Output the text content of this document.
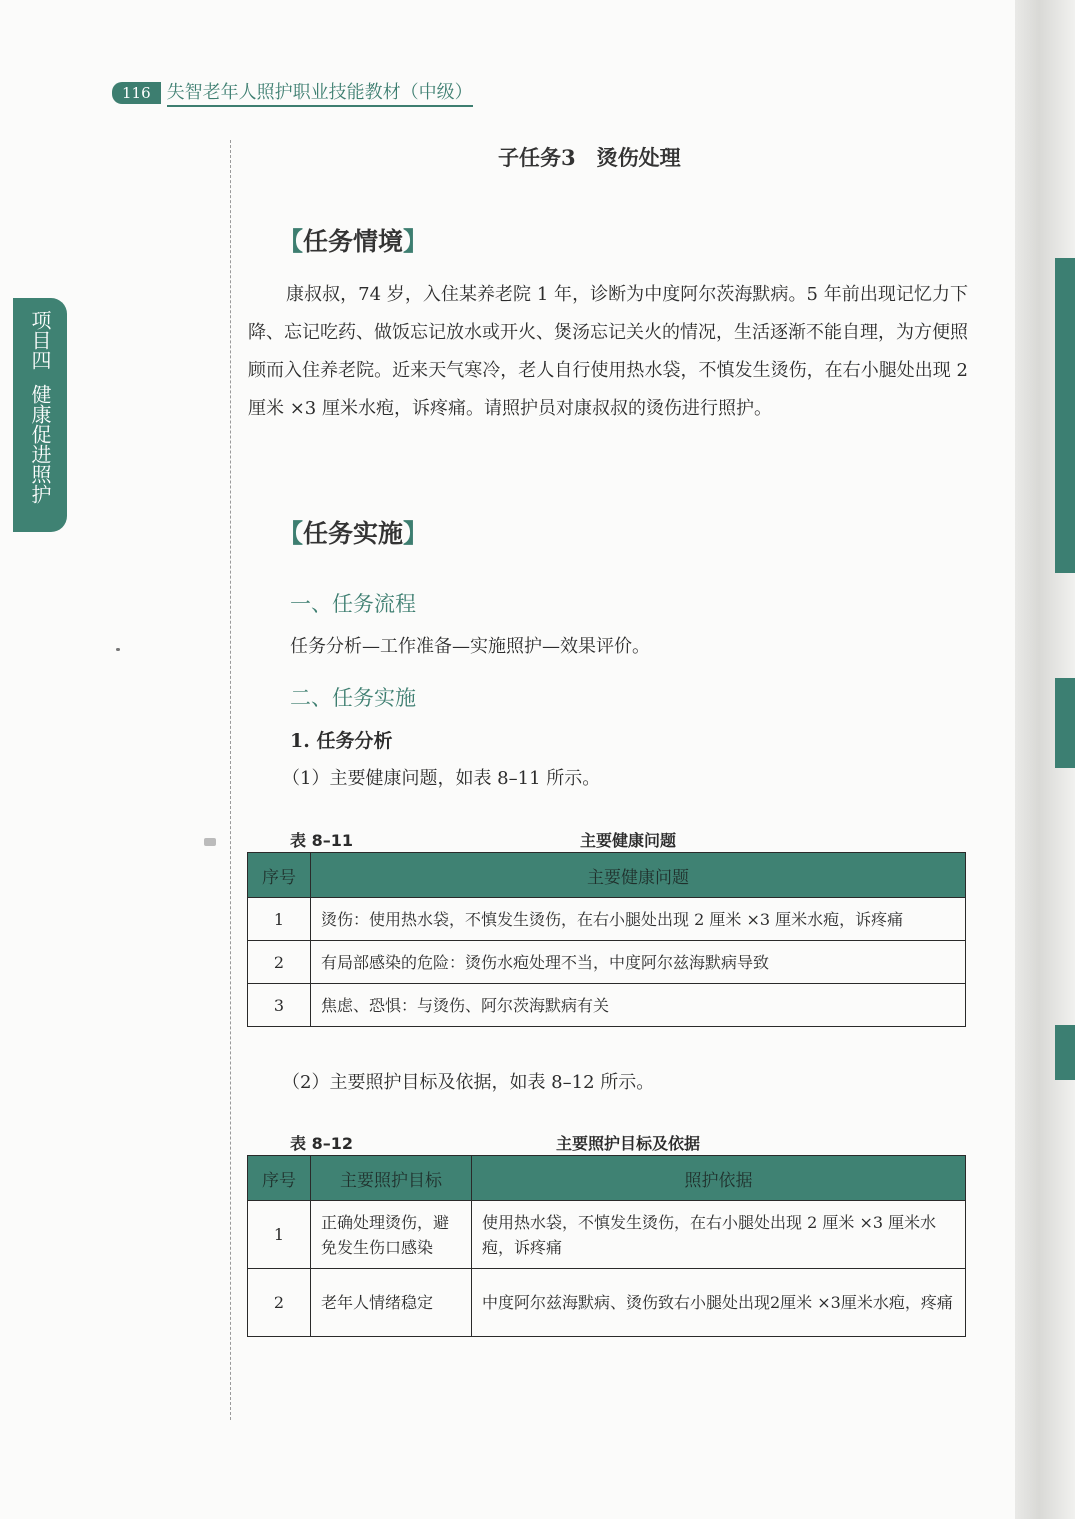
116 失智老年人照护职业技能教材（中级）
项目四
健康促进照护
子任务3　烫伤处理
【任务情境】

康叔叔，74 岁，入住某养老院 1 年，诊断为中度阿尔茨海默病。5 年前出现记忆力下降、忘记吃药、做饭忘记放水或开火、煲汤忘记关火的情况，生活逐渐不能自理，为方便照顾而入住养老院。近来天气寒冷，老人自行使用热水袋，不慎发生烫伤，在右小腿处出现 2 厘米 ×3 厘米水疱，诉疼痛。请照护员对康叔叔的烫伤进行照护。

【任务实施】
一、任务流程
任务分析—工作准备—实施照护—效果评价。
二、任务实施
1. 任务分析
（1）主要健康问题，如表 8–11 所示。
表 8–11	主要健康问题
序号	主要健康问题
1	烫伤：使用热水袋，不慎发生烫伤，在右小腿处出现 2 厘米 ×3 厘米水疱，诉疼痛
2	有局部感染的危险：烫伤水疱处理不当，中度阿尔兹海默病导致
3	焦虑、恐惧：与烫伤、阿尔茨海默病有关
（2）主要照护目标及依据，如表 8–12 所示。
表 8–12	主要照护目标及依据
序号	主要照护目标	照护依据
1	正确处理烫伤，避免发生伤口感染	使用热水袋，不慎发生烫伤，在右小腿处出现 2 厘米 ×3 厘米水疱，诉疼痛
2	老年人情绪稳定	中度阿尔兹海默病、烫伤致右小腿处出现2厘米 ×3厘米水疱，疼痛
